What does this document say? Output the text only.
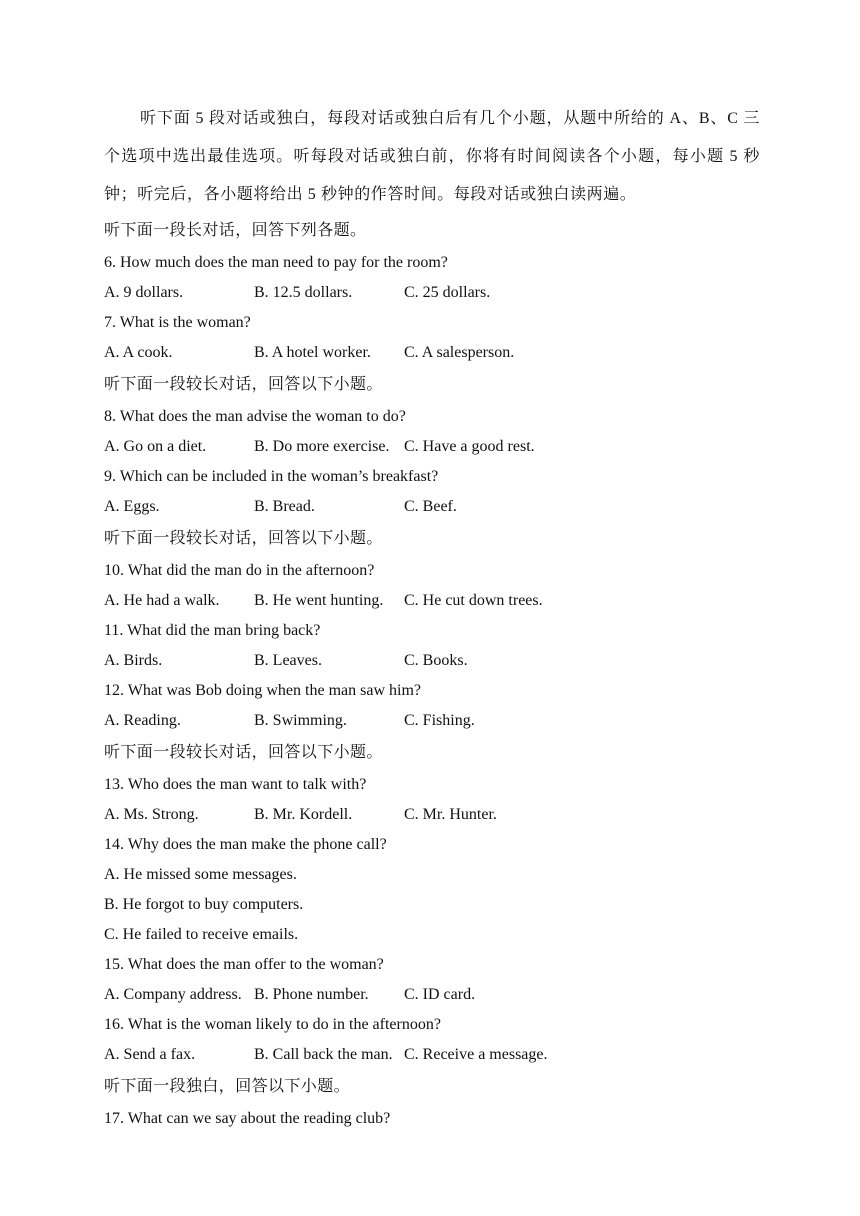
听下面 5 段对话或独白，每段对话或独白后有几个小题，从题中所给的 A、B、C 三个选项中选出最佳选项。听每段对话或独白前，你将有时间阅读各个小题，每小题 5 秒钟；听完后，各小题将给出 5 秒钟的作答时间。每段对话或独白读两遍。

听下面一段长对话，回答下列各题。

6. How much does the man need to pay for the room?
A. 9 dollars.	B. 12.5 dollars.	C. 25 dollars.
7. What is the woman?
A. A cook.	B. A hotel worker.	C. A salesperson.

听下面一段较长对话，回答以下小题。

8. What does the man advise the woman to do?
A. Go on a diet.	B. Do more exercise. C. Have a good rest.
9. Which can be included in the woman’s breakfast?
A. Eggs.	B. Bread.	C. Beef.

听下面一段较长对话，回答以下小题。

10. What did the man do in the afternoon?
A. He had a walk.	B. He went hunting.	C. He cut down trees.
11. What did the man bring back?
A. Birds.	B. Leaves.	C. Books.
12. What was Bob doing when the man saw him?
A. Reading.	B. Swimming.	C. Fishing.

听下面一段较长对话，回答以下小题。

13. Who does the man want to talk with?
A. Ms. Strong.	B. Mr. Kordell.	C. Mr. Hunter.
14. Why does the man make the phone call?
A. He missed some messages.
B. He forgot to buy computers.
C. He failed to receive emails.
15. What does the man offer to the woman?
A. Company address. B. Phone number.	C. ID card.
16. What is the woman likely to do in the afternoon?
A. Send a fax.	B. Call back the man. C. Receive a message.

听下面一段独白，回答以下小题。

17. What can we say about the reading club?
